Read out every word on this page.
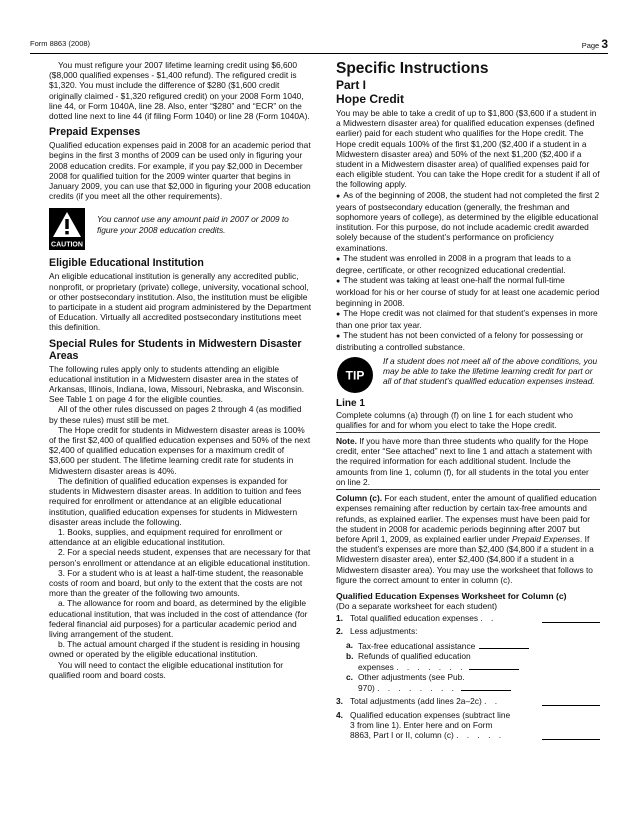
Form 8863 (2008)	Page 3

You must refigure your 2007 lifetime learning credit using $6,600 ($8,000 qualified expenses - $1,400 refund). The refigured credit is $1,320. You must include the difference of $280 ($1,600 credit originally claimed - $1,320 refigured credit) on your 2008 Form 1040, line 44, or Form 1040A, line 28. Also, enter “$280” and “ECR” on the dotted line next to line 44 (if filing Form 1040) or line 28 (Form 1040A).

Prepaid Expenses

Qualified education expenses paid in 2008 for an academic period that begins in the first 3 months of 2009 can be used only in figuring your 2008 education credits. For example, if you pay $2,000 in December 2008 for qualified tuition for the 2009 winter quarter that begins in January 2009, you can use that $2,000 in figuring your 2008 education credits (if you meet all the other requirements).

CAUTION
You cannot use any amount paid in 2007 or 2009 to figure your 2008 education credits.
Eligible Educational Institution

An eligible educational institution is generally any accredited public, nonprofit, or proprietary (private) college, university, vocational school, or other postsecondary institution. Also, the institution must be eligible to participate in a student aid program administered by the Department of Education. Virtually all accredited postsecondary institutions meet this definition.

Special Rules for Students in Midwestern Disaster Areas

The following rules apply only to students attending an eligible educational institution in a Midwestern disaster area in the states of Arkansas, Illinois, Indiana, Iowa, Missouri, Nebraska, and Wisconsin. See Table 1 on page 4 for the eligible counties.

All of the other rules discussed on pages 2 through 4 (as modified by these rules) must still be met.

The Hope credit for students in Midwestern disaster areas is 100% of the first $2,400 of qualified education expenses and 50% of the next $2,400 of qualified education expenses for a maximum credit of $3,600 per student. The lifetime learning credit rate for students in Midwestern disaster areas is 40%.

The definition of qualified education expenses is expanded for students in Midwestern disaster areas. In addition to tuition and fees required for enrollment or attendance at an eligible educational institution, qualified education expenses for students in Midwestern disaster areas include the following.

1. Books, supplies, and equipment required for enrollment or attendance at an eligible educational institution.

2. For a special needs student, expenses that are necessary for that person’s enrollment or attendance at an eligible educational institution.

3. For a student who is at least a half-time student, the reasonable costs of room and board, but only to the extent that the costs are not more than the greater of the following two amounts.

a. The allowance for room and board, as determined by the eligible educational institution, that was included in the cost of attendance (for federal financial aid purposes) for a particular academic period and living arrangement of the student.

b. The actual amount charged if the student is residing in housing owned or operated by the eligible educational institution.

You will need to contact the eligible educational institution for qualified room and board costs.

Specific Instructions
Part I
Hope Credit

You may be able to take a credit of up to $1,800 ($3,600 if a student in a Midwestern disaster area) for qualified education expenses (defined earlier) paid for each student who qualifies for the Hope credit. The Hope credit equals 100% of the first $1,200 ($2,400 if a student in a Midwestern disaster area) and 50% of the next $1,200 ($2,400 if a student in a Midwestern disaster area) of qualified expenses paid for each eligible student. You can take the Hope credit for a student if all of the following apply.

● As of the beginning of 2008, the student had not completed the first 2 years of postsecondary education (generally, the freshman and sophomore years of college), as determined by the eligible educational institution. For this purpose, do not include academic credit awarded solely because of the student’s performance on proficiency examinations.

● The student was enrolled in 2008 in a program that leads to a degree, certificate, or other recognized educational credential.

● The student was taking at least one-half the normal full-time workload for his or her course of study for at least one academic period beginning in 2008.

● The Hope credit was not claimed for that student’s expenses in more than one prior tax year.

● The student has not been convicted of a felony for possessing or distributing a controlled substance.

TIP
If a student does not meet all of the above conditions, you may be able to take the lifetime learning credit for part or all of that student’s qualified education expenses instead.
Line 1

Complete columns (a) through (f) on line 1 for each student who qualifies for and for whom you elect to take the Hope credit.

Note. If you have more than three students who qualify for the Hope credit, enter “See attached” next to line 1 and attach a statement with the required information for each additional student. Include the amounts from line 1, column (f), for all students in the total you enter on line 2.

Column (c). For each student, enter the amount of qualified education expenses remaining after reduction by certain tax-free amounts and refunds, as explained earlier. The expenses must have been paid for the student in 2008 for academic periods beginning after 2007 but before April 1, 2009, as explained earlier under Prepaid Expenses. If the student’s expenses are more than $2,400 ($4,800 if a student in a Midwestern disaster area), enter $2,400 ($4,800 if a student in a Midwestern disaster area). You may use the worksheet that follows to figure the correct amount to enter in column (c).

Qualified Education Expenses Worksheet for Column (c)

(Do a separate worksheet for each student)

1. Total qualified education expenses . .
2. Less adjustments:
a. Tax-free educational assistance
b. Refunds of qualified education
expenses . . . . . . .
c. Other adjustments (see Pub.
970) . . . . . . . .
3. Total adjustments (add lines 2a–2c) . .
4. Qualified education expenses (subtract line
3 from line 1). Enter here and on Form
8863, Part I or II, column (c) . . . . .
